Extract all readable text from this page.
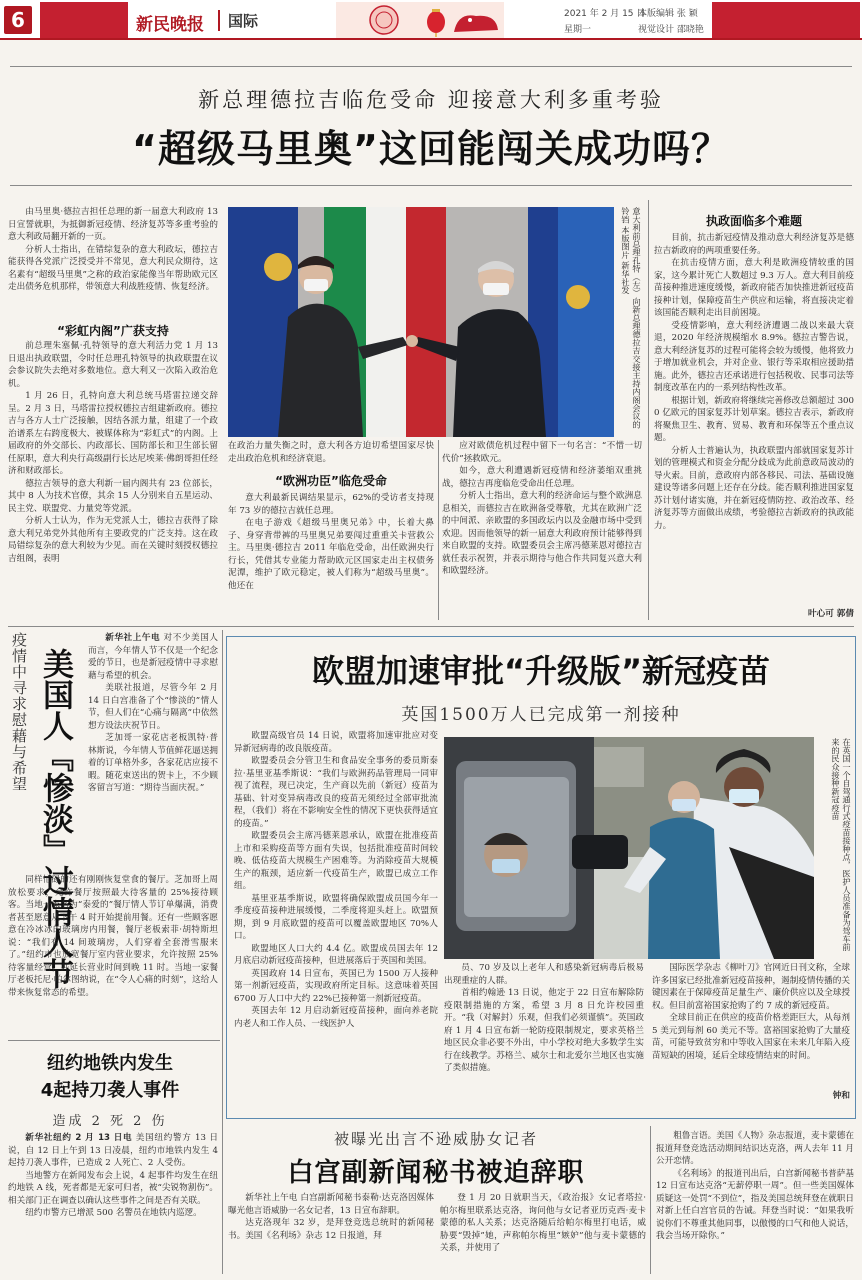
6	新民晚报	国际	2021 年 2 月 15 日
星期一
本版编辑 张 颖
视觉设计 邵晓艳
新总理德拉吉临危受命 迎接意大利多重考验
“超级马里奥”这回能闯关成功吗？

由马里奥·德拉吉担任总理的新一届意大利政府 13 日宣誓就职，为抵御新冠疫情、经济复苏等多重考验的意大利政局翻开新的一页。

分析人士指出，在错综复杂的意大利政坛，德拉吉能获得各党派广泛授受并不常见，意大利民众期待，这名素有“超级马里奥”之称的政治家能像当年帮助欧元区走出债务危机那样，带领意大利战胜疫情、恢复经济。

“彩虹内阁”广获支持

前总理朱塞佩·孔特领导的意大利活力党 1 月 13 日退出执政联盟，令时任总理孔特领导的执政联盟在议会参议院失去绝对多数地位。意大利又一次陷入政治危机。

1 月 26 日，孔特向意大利总统马塔雷拉递交辞呈。2 月 3 日，马塔雷拉授权德拉吉组建新政府。德拉吉与各方人士广泛接触，因结各派力量，组建了一个政治谱系左右跨度极大、被媒体称为“彩虹式”的内阁。上届政府的外交部长、内政部长、国防部长和卫生部长留任原职，意大利央行高级副行长达尼埃莱·佛朗哥担任经济和财政部长。

德拉吉领导的意大利新一届内阁共有 23 位部长，其中 8 人为技术官僚，其余 15 人分别来自五星运动、民主党、联盟党、力量党等党派。

分析人士认为，作为无党派人士，德拉吉获得了除意大利兄弟党外其他所有主要政党的广泛支持。这在政局错综复杂的意大利较为少见。而在关键时刻授权德拉吉组阁，表明

意大利前总理孔特（左）向新总理德拉吉交接主持内阁会议的铃铛 本版图片 新华社发
在政治力量失衡之时，意大利各方迫切希望国家尽快走出政治危机和经济衰退。
“欧洲功臣”临危受命

意大利最新民调结果显示，62%的受访者支持现年 73 岁的德拉吉就任总理。

在电子游戏《超级马里奥兄弟》中，长着大鼻子、身穿背带裤的马里奥兄弟要闯过重重关卡营救公主。马里奥·德拉吉 2011 年临危受命，出任欧洲央行行长，凭借其专业能力帮助欧元区国家走出主权债务泥潭，维护了欧元稳定，被人们称为“超级马里奥”。他还在

应对欧债危机过程中留下一句名言：“不惜一切代价”拯救欧元。

如今，意大利遭遇新冠疫情和经济萎缩双重挑战，德拉吉再度临危受命出任总理。

分析人士指出，意大利的经济命运与整个欧洲息息相关，而德拉吉在欧洲备受尊敬，尤其在欧洲广泛的中间派、亲欧盟的多国政坛内以及金融市场中受到欢迎。因而他领导的新一届意大利政府预计能够得到来自欧盟的支持。欧盟委员会主席冯德莱恩对德拉吉就任表示祝贺，并表示期待与他合作共同复兴意大利和欧盟经济。

执政面临多个难题

目前，抗击新冠疫情及推动意大利经济复苏是德拉吉新政府的两项重要任务。

在抗击疫情方面，意大利是欧洲疫情较重的国家，这今累计死亡人数超过 9.3 万人。意大利目前疫苗接种推进速度缓慢，新政府能否加快推进新冠疫苗接种计划，保障疫苗生产供应和运输，将直接决定着该国能否顺利走出目前困境。

受疫情影响，意大利经济遭遇二战以来最大衰退，2020 年经济规模缩水 8.9%。德拉吉警告说，意大利经济复苏的过程可能将会较为缓慢，他将致力于增加就业机会，并对企业、银行等采取相应援助措施。此外，德拉吉还承诺进行包括税收、民事司法等制度改革在内的一系列结构性改革。

根据计划，新政府将继续完善修改总额超过 3000 亿欧元的国家复苏计划草案。德拉吉表示，新政府将聚焦卫生、教育、贸易、教育和环保等五个重点议题。

分析人士普遍认为，执政联盟内部就国家复苏计划的管理模式和资金分配分歧成为此前意政局波动的导火索。目前，意政府内部各移民、司法、基础设施建设等诸多问题上还存在分歧。能否顺利推进国家复苏计划付诸实施，并在新冠疫情防控、政治改革、经济复苏等方面做出成绩，考验德拉吉新政府的执政能力。

叶心可 郭倩
疫情中寻求慰藉与希望 美国人『惨淡』过情人节

新华社上午电 对不少美国人而言，今年情人节不仅是一个纪念爱的节日，也是新冠疫情中寻求慰藉与希望的机会。

美联社报道，尽管今年 2 月 14 日白宫准备了个“惨淡的”情人节，但人们在“心痛与隔离”中依然想方设法庆祝节日。

芝加哥一家花店老板凯特·普林斯说，今年情人节值鲜花逼送拥着的订单格外多，各家花店应接不暇。随花束送出的贺卡上，不少顾客留言写道：“期待当面庆祝。”

同样忙碌的还有刚刚恢复堂食的餐厅。芝加哥上周放松要求，允许餐厅按照最大待客量的 25%接待顾客。当地一家名为“泰爱的”餐厅情人节订单爆满，消费者甚至愿意从下午 4 时开始提前用餐。还有一些顾客愿意在冷冰冰的玻璃房内用餐，餐厅老板索菲·胡特斯坦说：“我们有 14 间玻璃房，人们穿着全套滑雪服来了。”纽约市也放宽餐厅室内营业要求，允许按照 25%待客量经营，并延长营业时间到晚 11 时。当地一家餐厅老板托尼·帕尔图纳说，在“令人心痛的时刻”，这给人带来恢复常态的希望。

纽约地铁内发生
4起持刀袭人事件
造成 2 死 2 伤

新华社纽约 2 月 13 日电 美国纽约警方 13 日说，自 12 日上午到 13 日凌晨，纽约市地铁内发生 4 起持刀袭人事件，已造成 2 人死亡、2 人受伤。

当地警方在新闻发布会上说，4 起事件均发生在纽约地铁 A 线，死者都是无家可归者，被“尖锐物割伤”。相关部门正在调查以确认这些事件之间是否有关联。

纽约市警方已增派 500 名警员在地铁内巡逻。

欧盟加速审批“升级版”新冠疫苗
英国1500万人已完成第一剂接种

欧盟高级官员 14 日说，欧盟将加速审批应对变异新冠病毒的改良版疫苗。

欧盟委员会分管卫生和食品安全事务的委员斯泰拉·基里亚基季斯说：“我们与欧洲药品管理局一同审视了流程，现已决定，生产商以先前（新冠）疫苗为基础、针对变异病毒改良的疫苗无须经过全部审批流程，（我们）将在不影响安全性的情况下更快获得适宜的疫苗。”

欧盟委员会主席冯德莱恩承认，欧盟在批准疫苗上市和采购疫苗等方面有失误，包括批准疫苗时间较晚、低估疫苗大规模生产困难等。为消除疫苗大规模生产的瓶颈，适应新一代疫苗生产，欧盟已成立工作组。

基里亚基季斯说，欧盟将确保欧盟成员国今年一季度疫苗接种进展缓慢，二季度将迎头赶上。欧盟预期，到 9 月底欧盟的疫苗可以覆盖欧盟地区 70%人口。

欧盟地区人口大约 4.4 亿。欧盟成员国去年 12 月底启动新冠疫苗接种，但进展落后于英国和美国。

英国政府 14 日宣布，英国已为 1500 万人接种第一剂新冠疫苗，实现政府所定目标。这意味着英国 6700 万人口中大约 22%已接种第一剂新冠疫苗。

英国去年 12 月启动新冠疫苗接种，面向养老院内老人和工作人员、一线医护人

在英国一个自驾通行式疫苗接种点，医护人员准备为驾车前来的民众接种新冠疫苗

员、70 岁及以上老年人和感染新冠病毒后极易出现重症的人群。

首相约翰逊 13 日说，他定于 22 日宣布解除防疫限制措施的方案，希望 3 月 8 日允许校园重开。“我（对解封）乐观，但我们必须谨慎”。英国政府 1 月 4 日宣布新一轮防疫限制规定，要求英格兰地区民众非必要不外出，中小学校对绝大多数学生实行在线教学。苏格兰、威尔士和北爱尔兰地区也实施了类似措施。

国际医学杂志《柳叶刀》官网近日刊文称，全球许多国家已经批准新冠疫苗接种，遏制疫情传播的关键因素在于保障疫苗足量生产、廉价供应以及全球授权。但目前富裕国家抢购了约 7 成的新冠疫苗。

全球目前正在供应的疫苗价格差距巨大，从每剂 5 美元到每剂 60 美元不等。富裕国家抢购了大量疫苗，可能导致贫穷和中等收入国家在未来几年陷入疫苗短缺的困境，延后全球疫情结束的时间。

钟和
被曝光出言不逊威胁女记者
白宫副新闻秘书被迫辞职

新华社上午电 白宫副新闻秘书泰勒·达克洛因媒体曝光他言语威胁一名女记者，13 日宣布辞职。

达克洛现年 32 岁，是拜登竞选总统时的新闻秘书。美国《名利场》杂志 12 日报道，拜

登 1 月 20 日就职当天，《政治报》女记者塔拉·帕尔梅里联系达克洛，询问他与女记者亚历克西·麦卡蒙德的私人关系；达克洛随后给帕尔梅里打电话，威胁要“毁掉”她，声称帕尔梅里“嫉妒”他与麦卡蒙德的关系，并使用了

粗鲁言语。美国《人物》杂志报道，麦卡蒙德在报道拜登竞选活动期间结识达克洛，两人去年 11 月公开恋情。

《名利场》的报道刊出后，白宫新闻秘书普萨基 12 日宣布达克洛“无薪停职一周”。但一些美国媒体质疑这一处罚“不到位”，指及美国总统拜登在就职日对新上任白宫官员的告诫。拜登当时说：“如果我听说你们不尊重其他同事，以傲慢的口气和他人说话，我会当场开除你。”
